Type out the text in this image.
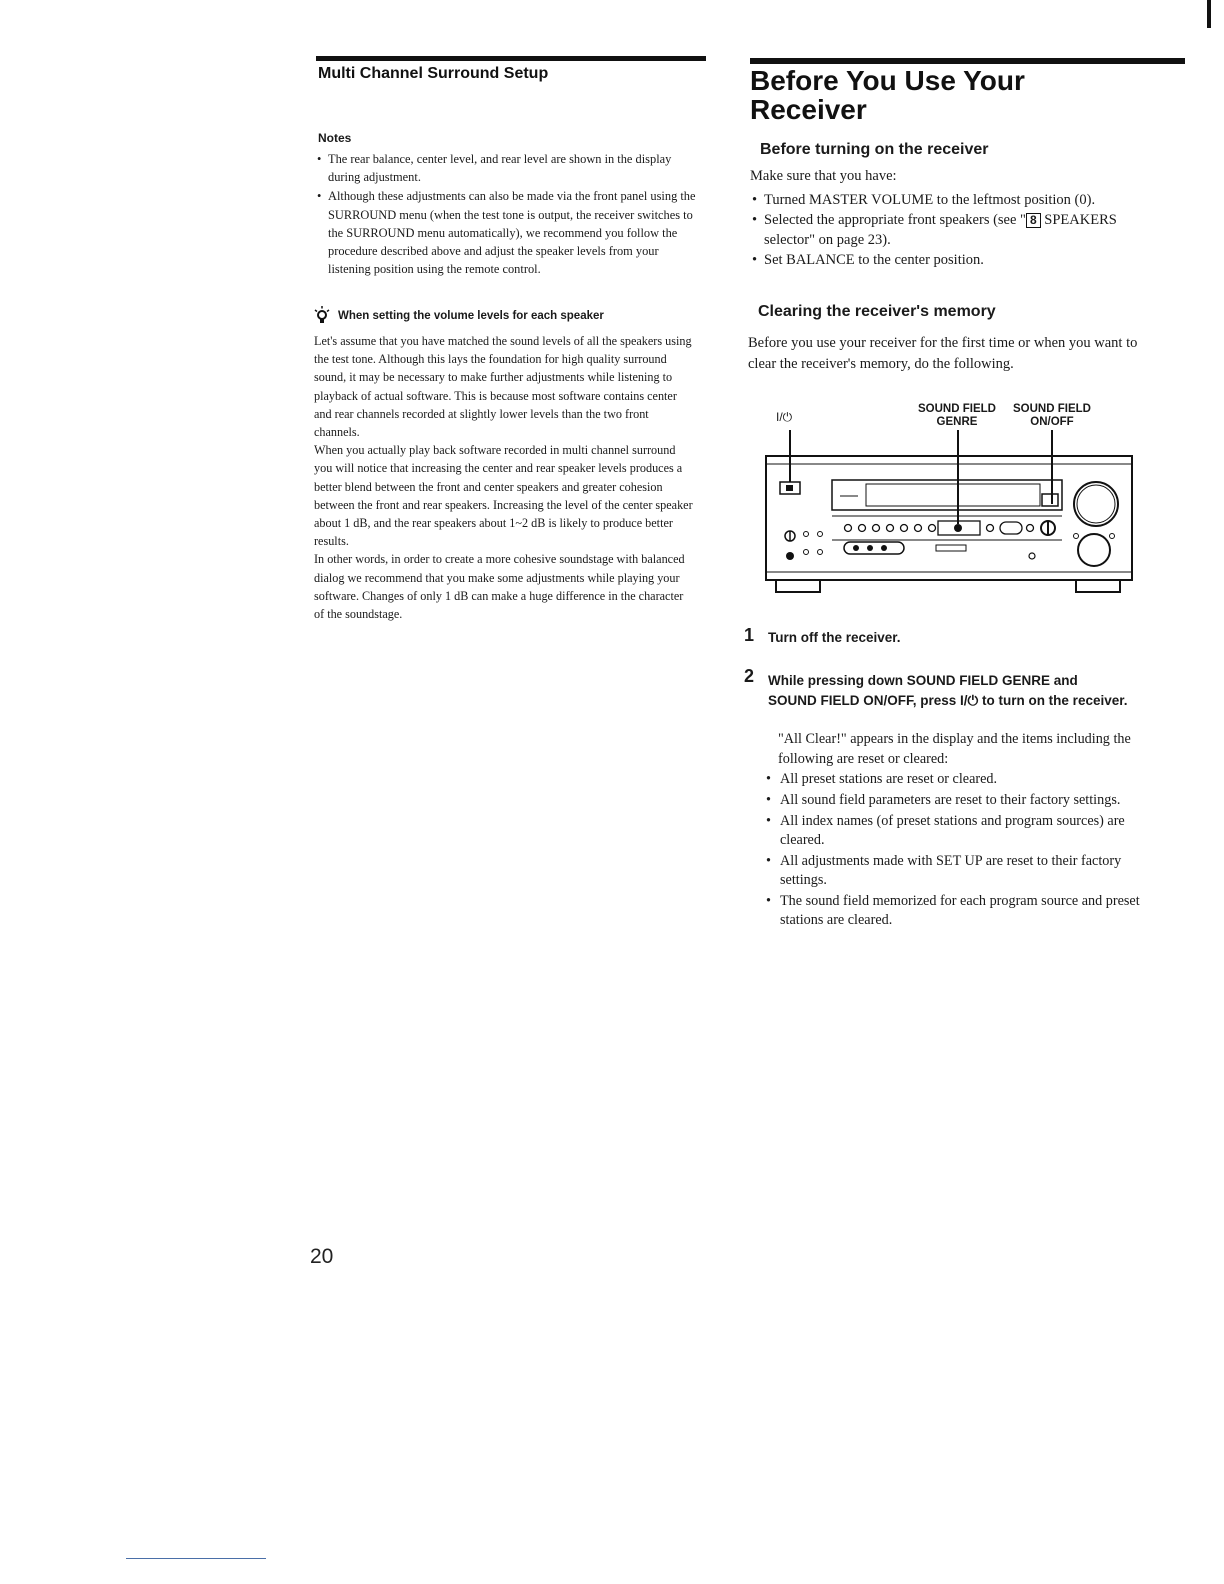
Multi Channel Surround Setup
Notes
• The rear balance, center level, and rear level are shown in the display during adjustment.
• Although these adjustments can also be made via the front panel using the SURROUND menu (when the test tone is output, the receiver switches to the SURROUND menu automatically), we recommend you follow the procedure described above and adjust the speaker levels from your listening position using the remote control.
When setting the volume levels for each speaker

Let's assume that you have matched the sound levels of all the speakers using the test tone. Although this lays the foundation for high quality surround sound, it may be necessary to make further adjustments while listening to playback of actual software. This is because most software contains center and rear channels recorded at slightly lower levels than the two front channels.

When you actually play back software recorded in multi channel surround you will notice that increasing the center and rear speaker levels produces a better blend between the front and center speakers and greater cohesion between the front and rear speakers. Increasing the level of the center speaker about 1 dB, and the rear speakers about 1~2 dB is likely to produce better results.

In other words, in order to create a more cohesive soundstage with balanced dialog we recommend that you make some adjustments while playing your software. Changes of only 1 dB can make a huge difference in the character of the soundstage.

20
Before You Use Your
Receiver
Before turning on the receiver
Make sure that you have:
• Turned MASTER VOLUME to the leftmost position (0).
• Selected the appropriate front speakers (see " 8 SPEAKERS selector" on page 23).
• Set BALANCE to the center position.
Clearing the receiver's memory
Before you use your receiver for the first time or when you want to clear the receiver's memory, do the following.
I/⏻
SOUND FIELD
GENRE
SOUND FIELD
ON/OFF
1 Turn off the receiver.
2 While pressing down SOUND FIELD GENRE and SOUND FIELD ON/OFF, press I/⏻ to turn on the receiver.

"All Clear!" appears in the display and the items including the following are reset or cleared:

• All preset stations are reset or cleared.
• All sound field parameters are reset to their factory settings.
• All index names (of preset stations and program sources) are cleared.
• All adjustments made with SET UP are reset to their factory settings.
• The sound field memorized for each program source and preset stations are cleared.
